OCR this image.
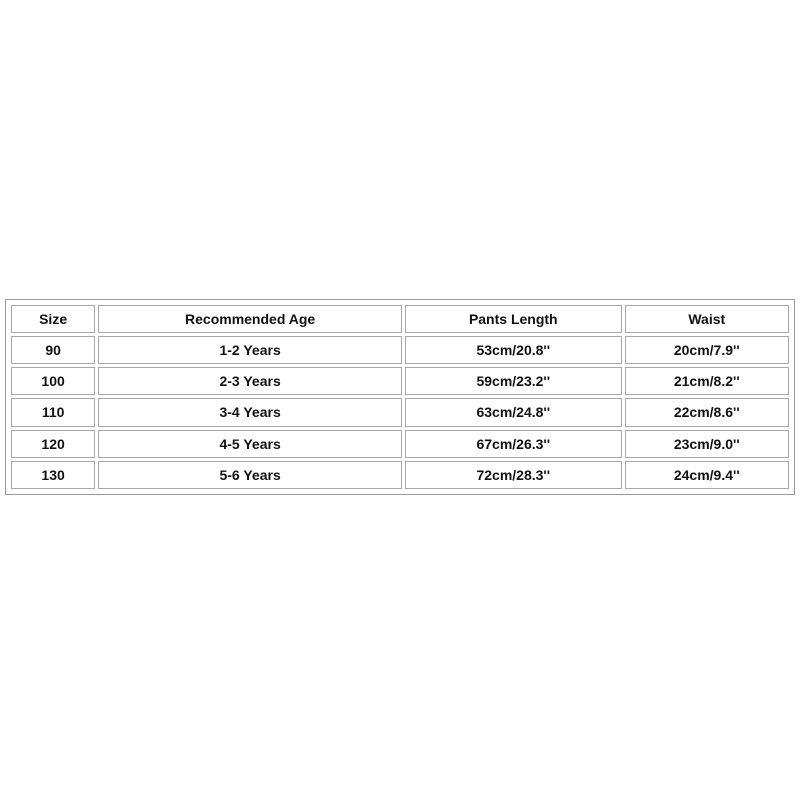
Size	Recommended Age	Pants Length	Waist
90	1-2 Years	53cm/20.8''	20cm/7.9''
100	2-3 Years	59cm/23.2''	21cm/8.2''
110	3-4 Years	63cm/24.8''	22cm/8.6''
120	4-5 Years	67cm/26.3''	23cm/9.0''
130	5-6 Years	72cm/28.3''	24cm/9.4''
